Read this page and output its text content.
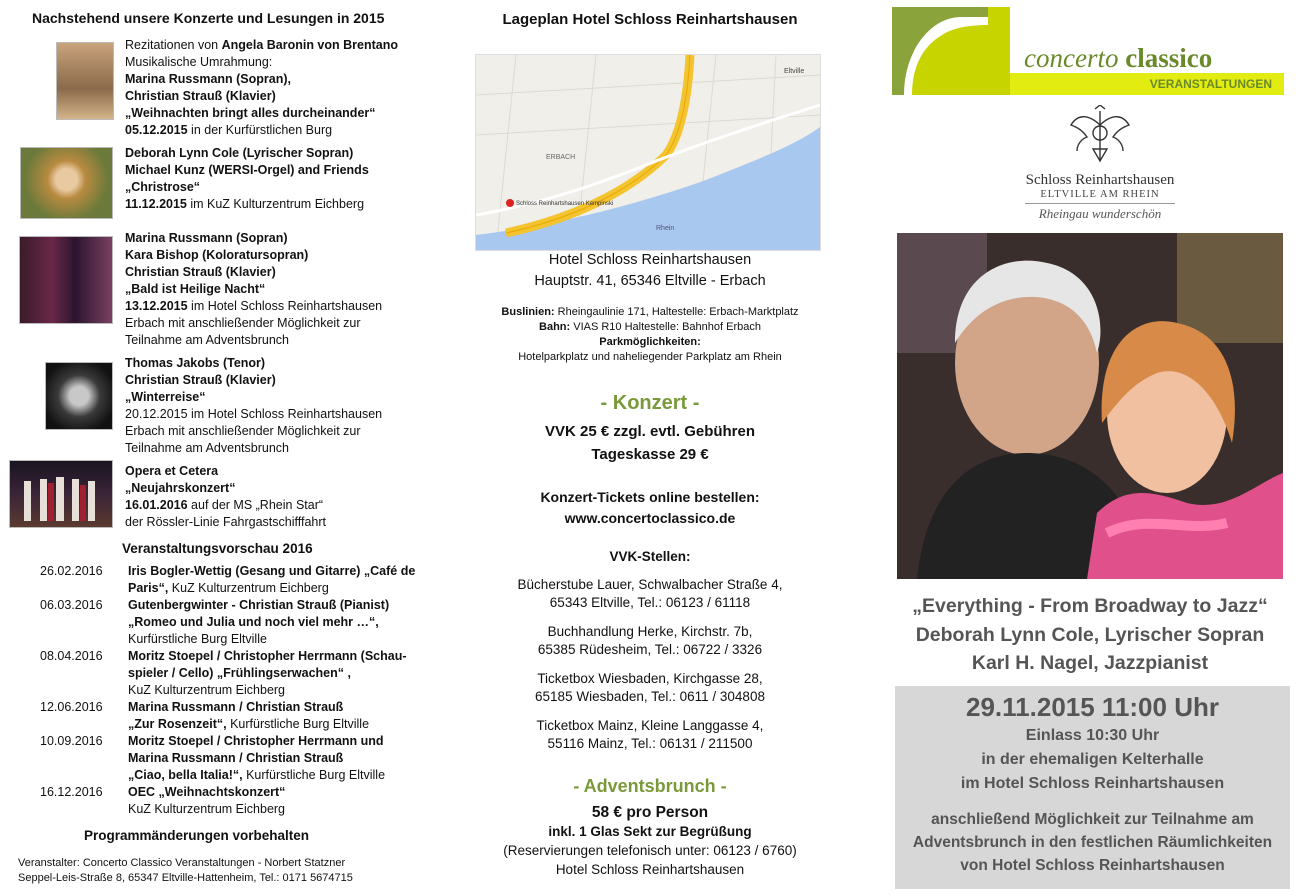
Nachstehend unsere Konzerte und Lesungen in 2015
Rezitationen von Angela Baronin von Brentano
Musikalische Umrahmung:
Marina Russmann (Sopran),
Christian Strauß (Klavier)
„Weihnachten bringt alles durcheinander“
05.12.2015 in der Kurfürstlichen Burg
Deborah Lynn Cole (Lyrischer Sopran)
Michael Kunz (WERSI-Orgel) and Friends
„Christrose“
11.12.2015 im KuZ Kulturzentrum Eichberg
Marina Russmann (Sopran)
Kara Bishop (Koloratursopran)
Christian Strauß (Klavier)
„Bald ist Heilige Nacht“
13.12.2015 im Hotel Schloss Reinhartshausen
Erbach mit anschließender Möglichkeit zur
Teilnahme am Adventsbrunch
Thomas Jakobs (Tenor)
Christian Strauß (Klavier)
„Winterreise“
20.12.2015 im Hotel Schloss Reinhartshausen
Erbach mit anschließender Möglichkeit zur
Teilnahme am Adventsbrunch
Opera et Cetera
„Neujahrskonzert“
16.01.2016 auf der MS „Rhein Star“
der Rössler-Linie Fahrgastschifffahrt
Veranstaltungsvorschau 2016
26.02.2016	Iris Bogler-Wettig (Gesang und Gitarre) „Café de
Paris“, KuZ Kulturzentrum Eichberg
06.03.2016	Gutenbergwinter - Christian Strauß (Pianist)
„Romeo und Julia und noch viel mehr …“,
Kurfürstliche Burg Eltville
08.04.2016	Moritz Stoepel / Christopher Herrmann (Schau-
spieler / Cello) „Frühlingserwachen“ ,
KuZ Kulturzentrum Eichberg
12.06.2016	Marina Russmann / Christian Strauß
„Zur Rosenzeit“, Kurfürstliche Burg Eltville
10.09.2016	Moritz Stoepel / Christopher Herrmann und
Marina Russmann / Christian Strauß
„Ciao, bella Italia!“, Kurfürstliche Burg Eltville
16.12.2016	OEC „Weihnachtskonzert“
KuZ Kulturzentrum Eichberg
Programmänderungen vorbehalten
Veranstalter: Concerto Classico Veranstaltungen - Norbert Statzner
Seppel-Leis-Straße 8, 65347 Eltville-Hattenheim, Tel.: 0171 5674715
Lageplan Hotel Schloss Reinhartshausen
Schloss Reinhartshausen Kempinski
ERBACH
Rhein
Eltville
Hotel Schloss Reinhartshausen
Hauptstr. 41, 65346 Eltville - Erbach
Buslinien: Rheingaulinie 171, Haltestelle: Erbach-Marktplatz
Bahn: VIAS R10 Haltestelle: Bahnhof Erbach
Parkmöglichkeiten:
Hotelparkplatz und naheliegender Parkplatz am Rhein
- Konzert -
VVK 25 € zzgl. evtl. Gebühren
Tageskasse 29 €
Konzert-Tickets online bestellen:
www.concertoclassico.de
VVK-Stellen:
Bücherstube Lauer, Schwalbacher Straße 4,
65343 Eltville, Tel.: 06123 / 61118
Buchhandlung Herke, Kirchstr. 7b,
65385 Rüdesheim, Tel.: 06722 / 3326
Ticketbox Wiesbaden, Kirchgasse 28,
65185 Wiesbaden, Tel.: 0611 / 304808
Ticketbox Mainz, Kleine Langgasse 4,
55116 Mainz, Tel.: 06131 / 211500
- Adventsbrunch -
58 € pro Person
inkl. 1 Glas Sekt zur Begrüßung
(Reservierungen telefonisch unter: 06123 / 6760)
Hotel Schloss Reinhartshausen
concerto classico
VERANSTALTUNGEN
Schloss Reinhartshausen
ELTVILLE AM RHEIN
Rheingau wunderschön
„Everything - From Broadway to Jazz“
Deborah Lynn Cole, Lyrischer Sopran
Karl H. Nagel, Jazzpianist
29.11.2015 11:00 Uhr
Einlass 10:30 Uhr
in der ehemaligen Kelterhalle
im Hotel Schloss Reinhartshausen
anschließend Möglichkeit zur Teilnahme am
Adventsbrunch in den festlichen Räumlichkeiten
von Hotel Schloss Reinhartshausen
